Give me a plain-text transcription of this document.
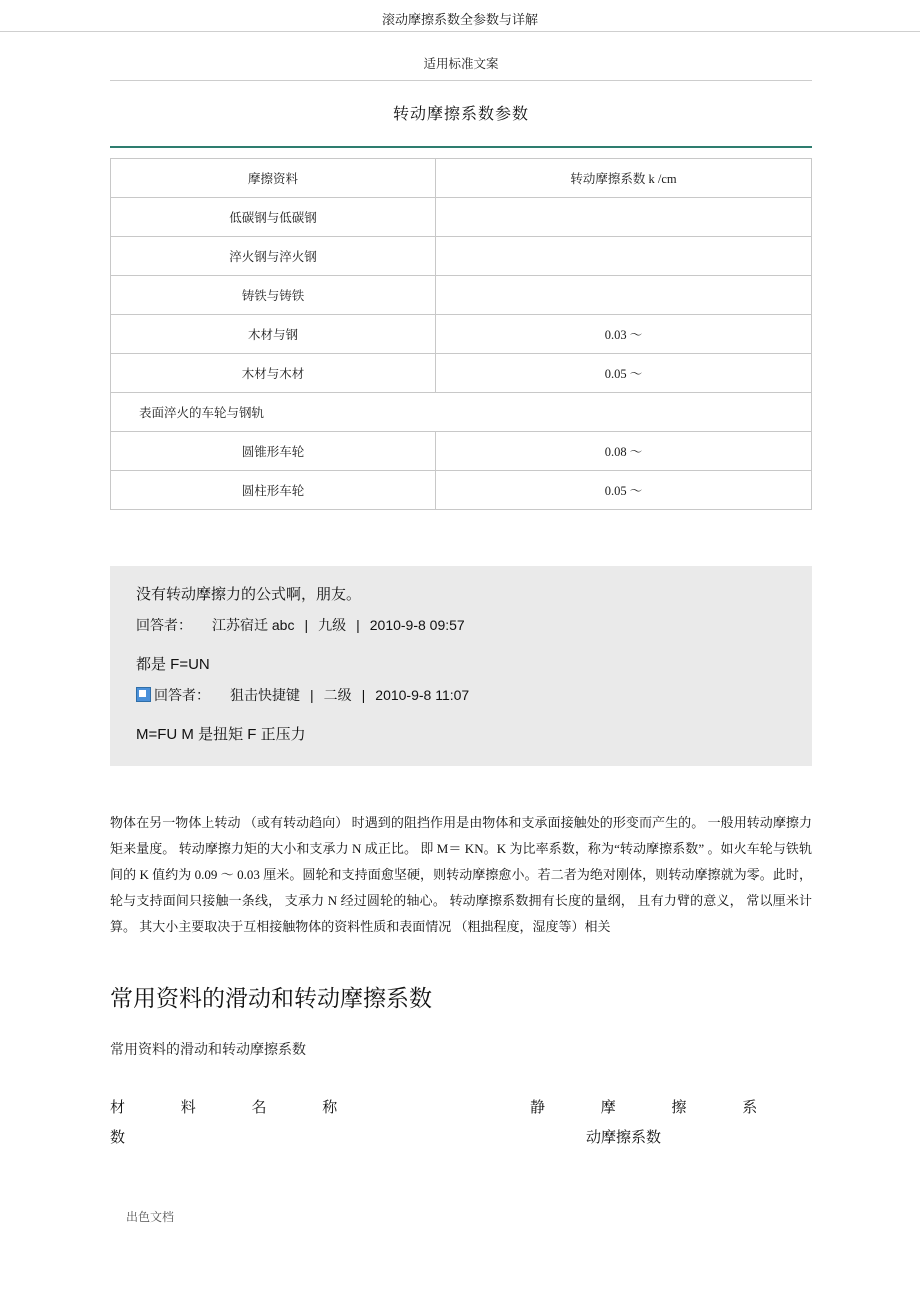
滚动摩擦系数全参数与详解
适用标准文案
转动摩擦系数参数
摩擦资料	转动摩擦系数 k /cm
低碳钢与低碳钢	
淬火钢与淬火钢	
铸铁与铸铁	
木材与钢	0.03 ～
木材与木材	0.05 ～
表面淬火的车轮与钢轨	
圆锥形车轮	0.08 ～
圆柱形车轮	0.05 ～
没有转动摩擦力的公式啊，朋友。
回答者： 江苏宿迁 abc | 九级 | 2010-9-8 09:57
都是 F=UN
回答者： 狙击快捷键 | 二级 | 2010-9-8 11:07
M=FU M 是扭矩 F 正压力
物体在另一物体上转动 （或有转动趋向） 时遇到的阻挡作用是由物体和支承面接触处的形变而产生的。 一般用转动摩擦力矩来量度。 转动摩擦力矩的大小和支承力 N 成正比。 即 M＝ KN。K 为比率系数，称为“转动摩擦系数” 。如火车轮与铁轨间的 K 值约为 0.09 ～ 0.03 厘米。圆轮和支持面愈坚硬，则转动摩擦愈小。若二者为绝对刚体，则转动摩擦就为零。此时，轮与支持面间只接触一条线， 支承力 N 经过圆轮的轴心。 转动摩擦系数拥有长度的量纲， 且有力臂的意义， 常以厘米计算。 其大小主要取决于互相接触物体的资料性质和表面情况 （粗拙程度，湿度等）相关
常用资料的滑动和转动摩擦系数
常用资料的滑动和转动摩擦系数
材 料 名 称	静 摩 擦 系
数	动摩擦系数
出色文档
